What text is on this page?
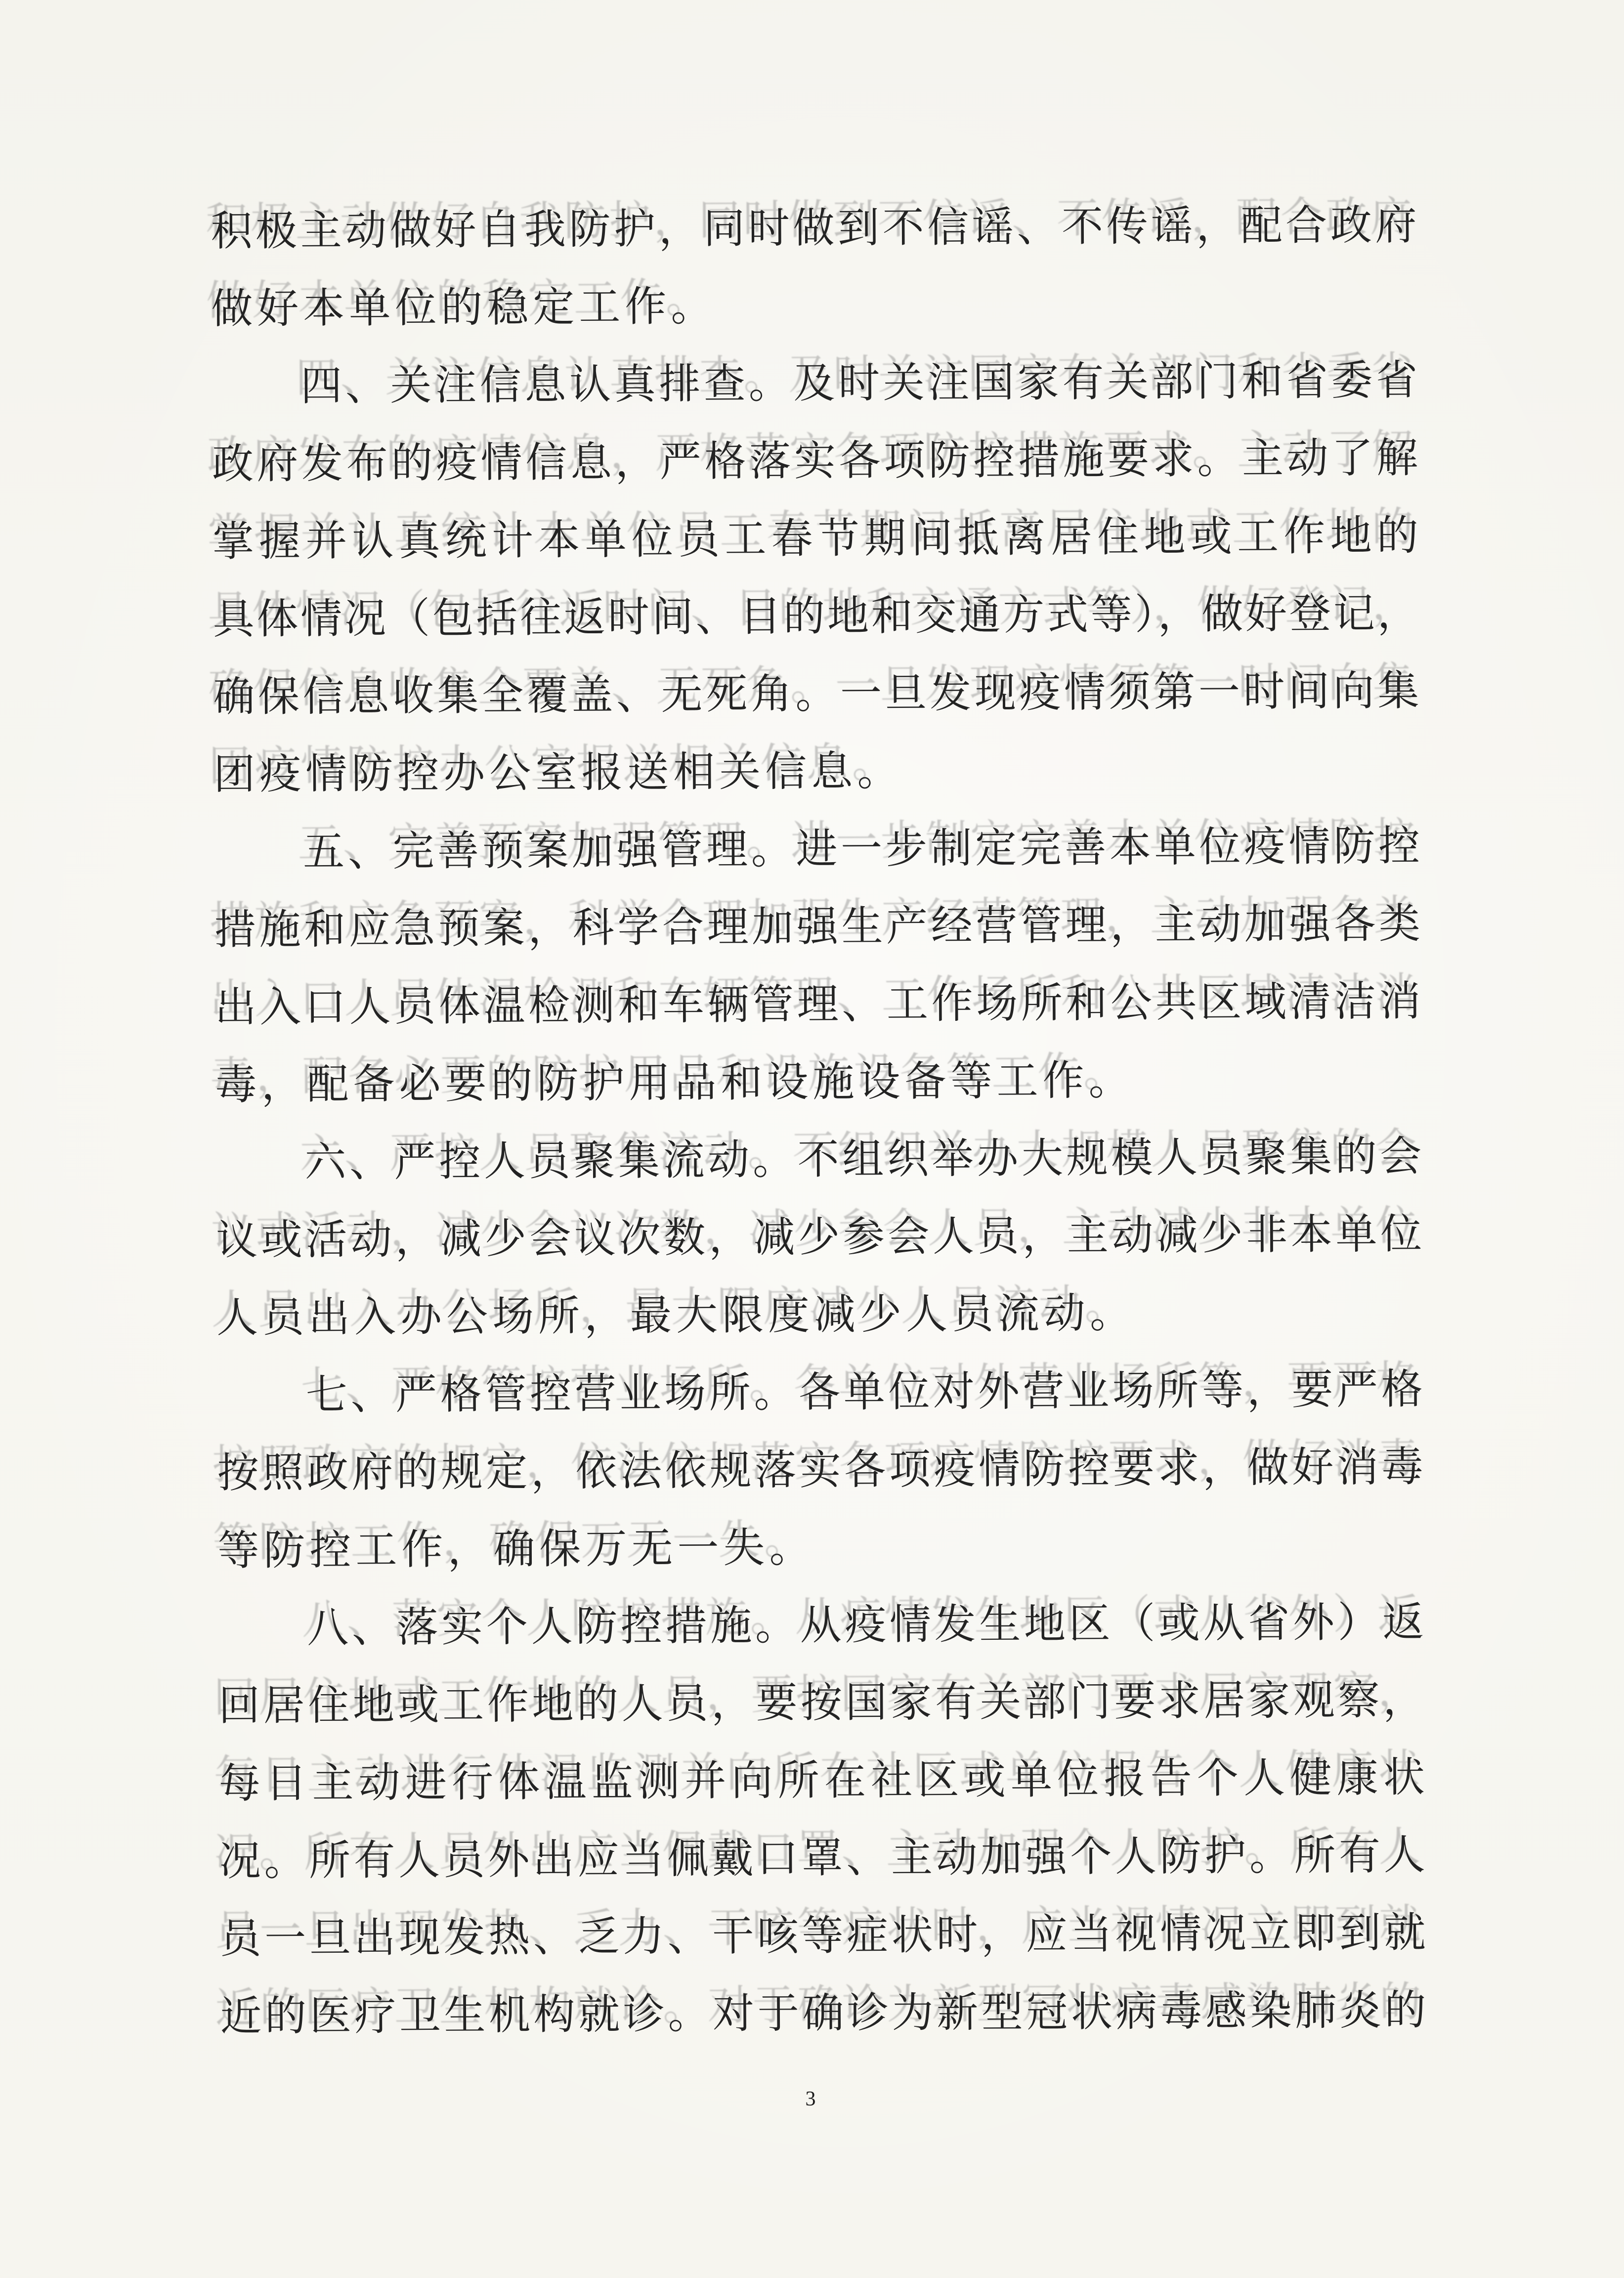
积极主动做好自我防护，同时做到不信谣、不传谣，配合政府
做好本单位的稳定工作。
四、关注信息认真排查。及时关注国家有关部门和省委省
政府发布的疫情信息，严格落实各项防控措施要求。主动了解
掌握并认真统计本单位员工春节期间抵离居住地或工作地的
具体情况（包括往返时间、目的地和交通方式等），做好登记，
确保信息收集全覆盖、无死角。一旦发现疫情须第一时间向集
团疫情防控办公室报送相关信息。
五、完善预案加强管理。进一步制定完善本单位疫情防控
措施和应急预案，科学合理加强生产经营管理，主动加强各类
出入口人员体温检测和车辆管理、工作场所和公共区域清洁消
毒，配备必要的防护用品和设施设备等工作。
六、严控人员聚集流动。不组织举办大规模人员聚集的会
议或活动，减少会议次数，减少参会人员，主动减少非本单位
人员出入办公场所，最大限度减少人员流动。
七、严格管控营业场所。各单位对外营业场所等，要严格
按照政府的规定，依法依规落实各项疫情防控要求，做好消毒
等防控工作，确保万无一失。
八、落实个人防控措施。从疫情发生地区（或从省外）返
回居住地或工作地的人员，要按国家有关部门要求居家观察，
每日主动进行体温监测并向所在社区或单位报告个人健康状
况。所有人员外出应当佩戴口罩、主动加强个人防护。所有人
员一旦出现发热、乏力、干咳等症状时，应当视情况立即到就
近的医疗卫生机构就诊。对于确诊为新型冠状病毒感染肺炎的
3
